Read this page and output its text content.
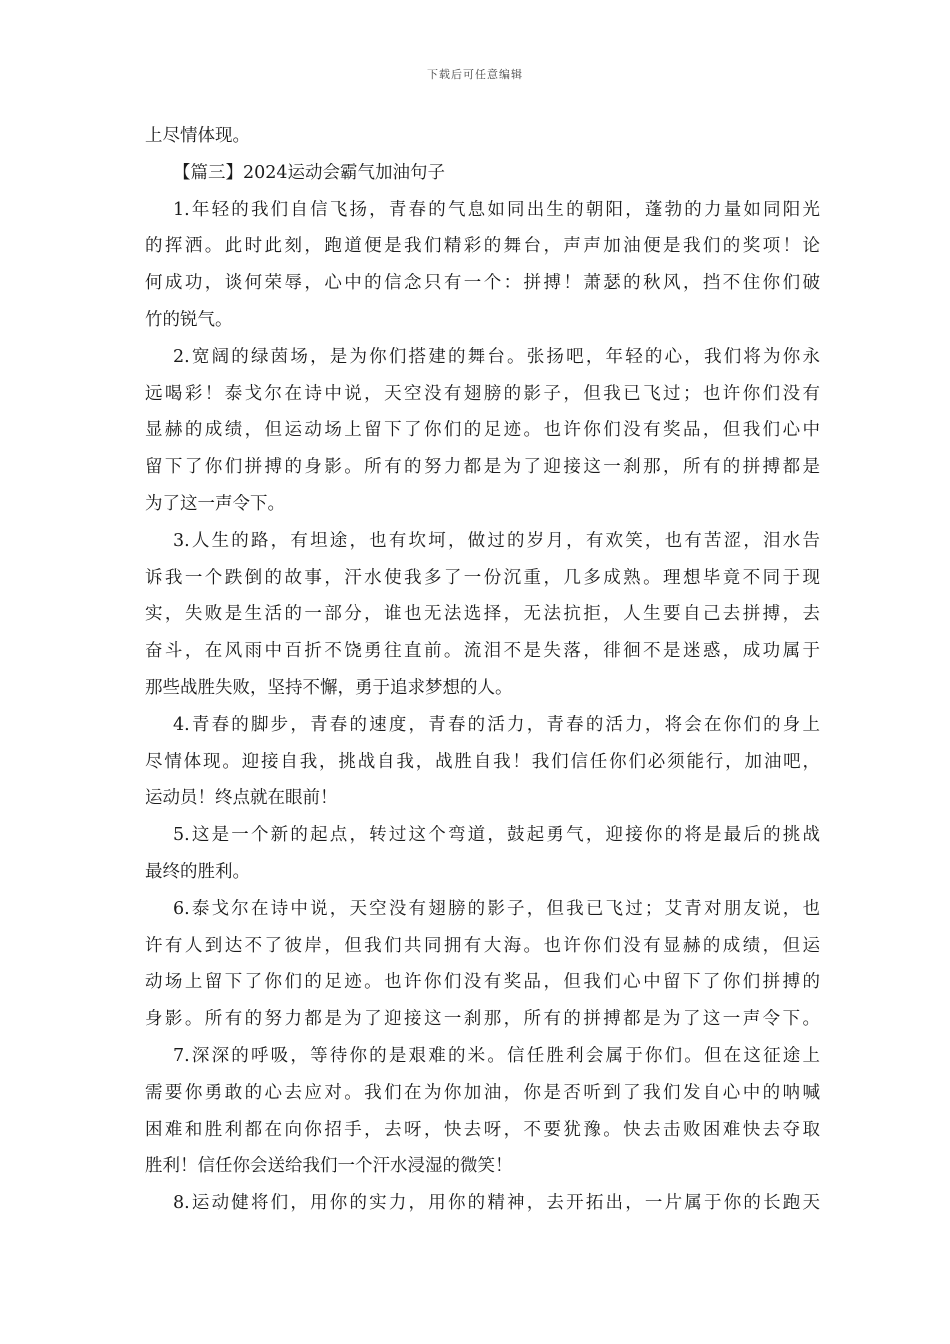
下载后可任意编辑
上尽情体现。
【篇三】2024运动会霸气加油句子
1.年轻的我们自信飞扬，青春的气息如同出生的朝阳，蓬勃的力量如同阳光
的挥洒。此时此刻，跑道便是我们精彩的舞台，声声加油便是我们的奖项！论
何成功，谈何荣辱，心中的信念只有一个：拼搏！萧瑟的秋风，挡不住你们破
竹的锐气。
2.宽阔的绿茵场，是为你们搭建的舞台。张扬吧，年轻的心，我们将为你永
远喝彩！泰戈尔在诗中说，天空没有翅膀的影子，但我已飞过；也许你们没有
显赫的成绩，但运动场上留下了你们的足迹。也许你们没有奖品，但我们心中
留下了你们拼搏的身影。所有的努力都是为了迎接这一刹那，所有的拼搏都是
为了这一声令下。
3.人生的路，有坦途，也有坎坷，做过的岁月，有欢笑，也有苦涩，泪水告
诉我一个跌倒的故事，汗水使我多了一份沉重，几多成熟。理想毕竟不同于现
实，失败是生活的一部分，谁也无法选择，无法抗拒，人生要自己去拼搏，去
奋斗，在风雨中百折不饶勇往直前。流泪不是失落，徘徊不是迷惑，成功属于
那些战胜失败，坚持不懈，勇于追求梦想的人。
4.青春的脚步，青春的速度，青春的活力，青春的活力，将会在你们的身上
尽情体现。迎接自我，挑战自我，战胜自我！我们信任你们必须能行，加油吧，
运动员！终点就在眼前！
5.这是一个新的起点，转过这个弯道，鼓起勇气，迎接你的将是最后的挑战
最终的胜利。
6.泰戈尔在诗中说，天空没有翅膀的影子，但我已飞过；艾青对朋友说，也
许有人到达不了彼岸，但我们共同拥有大海。也许你们没有显赫的成绩，但运
动场上留下了你们的足迹。也许你们没有奖品，但我们心中留下了你们拼搏的
身影。所有的努力都是为了迎接这一刹那，所有的拼搏都是为了这一声令下。
7.深深的呼吸，等待你的是艰难的米。信任胜利会属于你们。但在这征途上
需要你勇敢的心去应对。我们在为你加油，你是否听到了我们发自心中的呐喊
困难和胜利都在向你招手，去呀，快去呀，不要犹豫。快去击败困难快去夺取
胜利！信任你会送给我们一个汗水浸湿的微笑！
8.运动健将们，用你的实力，用你的精神，去开拓出，一片属于你的长跑天
